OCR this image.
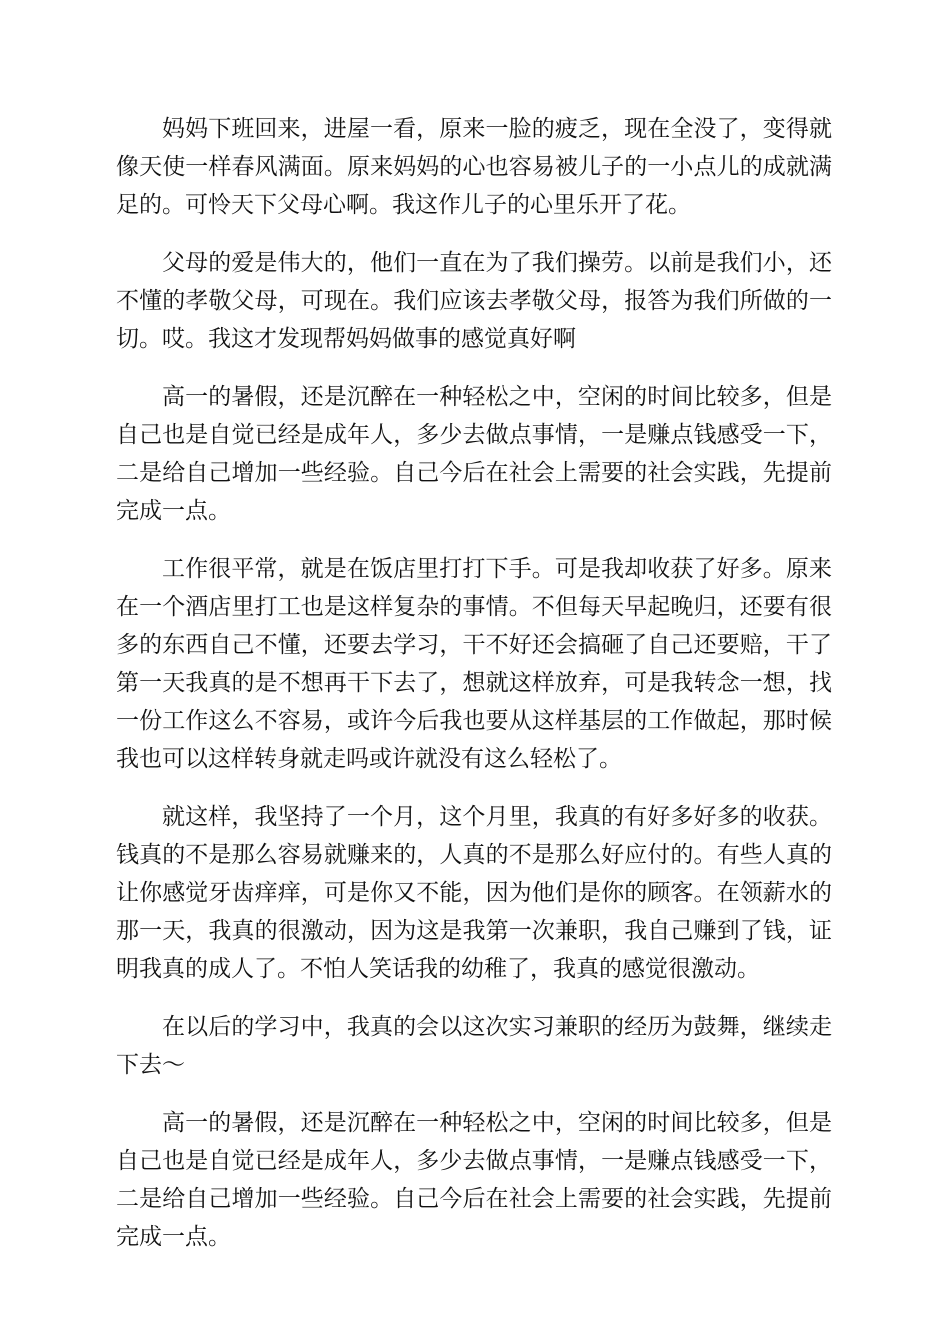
妈妈下班回来，进屋一看，原来一脸的疲乏，现在全没了，变得就像天使一样春风满面。原来妈妈的心也容易被儿子的一小点儿的成就满足的。可怜天下父母心啊。我这作儿子的心里乐开了花。

父母的爱是伟大的，他们一直在为了我们操劳。以前是我们小，还不懂的孝敬父母，可现在。我们应该去孝敬父母，报答为我们所做的一切。哎。我这才发现帮妈妈做事的感觉真好啊

高一的暑假，还是沉醉在一种轻松之中，空闲的时间比较多，但是自己也是自觉已经是成年人，多少去做点事情，一是赚点钱感受一下，二是给自己增加一些经验。自己今后在社会上需要的社会实践，先提前完成一点。

工作很平常，就是在饭店里打打下手。可是我却收获了好多。原来在一个酒店里打工也是这样复杂的事情。不但每天早起晚归，还要有很多的东西自己不懂，还要去学习，干不好还会搞砸了自己还要赔，干了第一天我真的是不想再干下去了，想就这样放弃，可是我转念一想，找一份工作这么不容易，或许今后我也要从这样基层的工作做起，那时候我也可以这样转身就走吗或许就没有这么轻松了。

就这样，我坚持了一个月，这个月里，我真的有好多好多的收获。钱真的不是那么容易就赚来的，人真的不是那么好应付的。有些人真的让你感觉牙齿痒痒，可是你又不能，因为他们是你的顾客。在领薪水的那一天，我真的很激动，因为这是我第一次兼职，我自己赚到了钱，证明我真的成人了。不怕人笑话我的幼稚了，我真的感觉很激动。

在以后的学习中，我真的会以这次实习兼职的经历为鼓舞，继续走下去～

高一的暑假，还是沉醉在一种轻松之中，空闲的时间比较多，但是自己也是自觉已经是成年人，多少去做点事情，一是赚点钱感受一下，二是给自己增加一些经验。自己今后在社会上需要的社会实践，先提前完成一点。
